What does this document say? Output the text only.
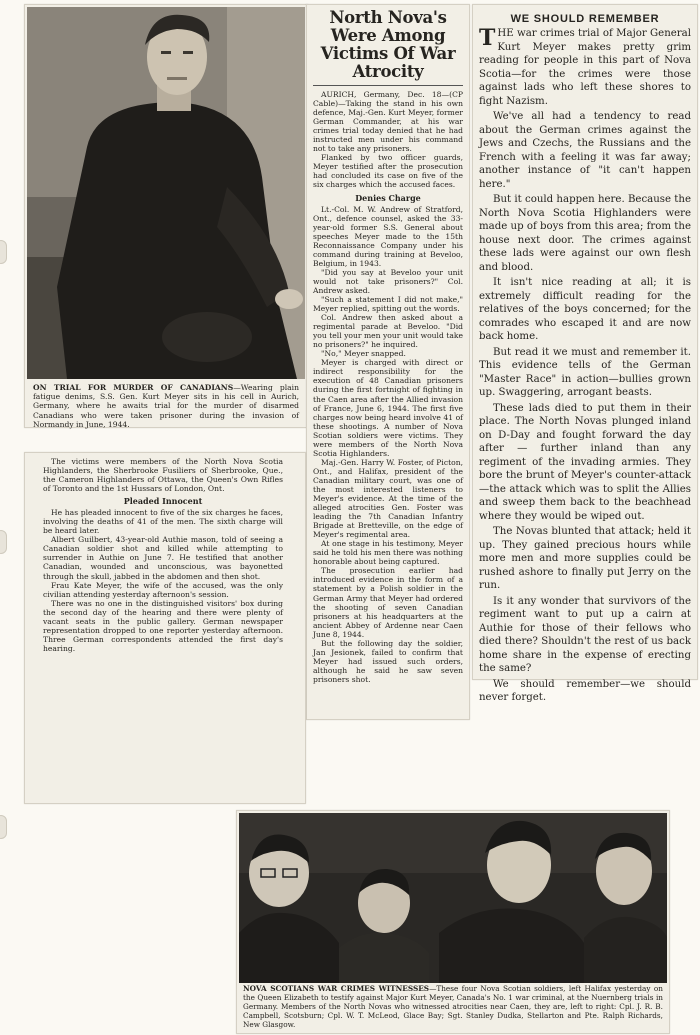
ON TRIAL FOR MURDER OF CANADIANS—Wearing plain fatigue denims, S.S. Gen. Kurt Meyer sits in his cell in Aurich, Germany, where he awaits trial for the murder of disarmed Canadians who were taken prisoner during the invasion of Normandy in June, 1944.
North Nova's Were Among Victims Of War Atrocity

AURICH, Germany, Dec. 18—(CP Cable)—Taking the stand in his own defence, Maj.-Gen. Kurt Meyer, former German Commander, at his war crimes trial today denied that he had instructed men under his command not to take any prisoners.

Flanked by two officer guards, Meyer testified after the prosecution had concluded its case on five of the six charges which the accused faces.

Denies Charge

Lt.-Col. M. W. Andrew of Stratford, Ont., defence counsel, asked the 33-year-old former S.S. General about speeches Meyer made to the 15th Reconnaissance Company under his command during training at Beveloo, Belgium, in 1943.

"Did you say at Beveloo your unit would not take prisoners?" Col. Andrew asked.

"Such a statement I did not make," Meyer replied, spitting out the words.

Col. Andrew then asked about a regimental parade at Beveloo. "Did you tell your men your unit would take no prisoners?" he inquired.

"No," Meyer snapped.

Meyer is charged with direct or indirect responsibility for the execution of 48 Canadian prisoners during the first fortnight of fighting in the Caen area after the Allied invasion of France, June 6, 1944. The first five charges now being heard involve 41 of these shootings. A number of Nova Scotian soldiers were victims. They were members of the North Nova Scotia Highlanders.

Maj.-Gen. Harry W. Foster, of Picton, Ont., and Halifax, president of the Canadian military court, was one of the most interested listeners to Meyer's evidence. At the time of the alleged atrocities Gen. Foster was leading the 7th Canadian Infantry Brigade at Bretteville, on the edge of Meyer's regimental area.

At one stage in his testimony, Meyer said he told his men there was nothing honorable about being captured.

The prosecution earlier had introduced evidence in the form of a statement by a Polish soldier in the German Army that Meyer had ordered the shooting of seven Canadian prisoners at his headquarters at the ancient Abbey of Ardenne near Caen June 8, 1944.

But the following day the soldier, Jan Jesionek, failed to confirm that Meyer had issued such orders, although he said he saw seven prisoners shot.

The victims were members of the North Nova Scotia Highlanders, the Sherbrooke Fusiliers of Sherbrooke, Que., the Cameron Highlanders of Ottawa, the Queen's Own Rifles of Toronto and the 1st Hussars of London, Ont.

Pleaded Innocent

He has pleaded innocent to five of the six charges he faces, involving the deaths of 41 of the men. The sixth charge will be heard later.

Albert Guilbert, 43-year-old Authie mason, told of seeing a Canadian soldier shot and killed while attempting to surrender in Authie on June 7. He testified that another Canadian, wounded and unconscious, was bayonetted through the skull, jabbed in the abdomen and then shot.

Frau Kate Meyer, the wife of the accused, was the only civilian attending yesterday afternoon's session.

There was no one in the distinguished visitors' box during the second day of the hearing and there were plenty of vacant seats in the public gallery. German newspaper representation dropped to one reporter yesterday afternoon. Three German correspondents attended the first day's hearing.

WE SHOULD REMEMBER

THE war crimes trial of Major General Kurt Meyer makes pretty grim reading for people in this part of Nova Scotia—for the crimes were those against lads who left these shores to fight Nazism.

We've all had a tendency to read about the German crimes against the Jews and Czechs, the Russians and the French with a feeling it was far away; another instance of "it can't happen here."

But it could happen here. Because the North Nova Scotia Highlanders were made up of boys from this area; from the house next door. The crimes against these lads were against our own flesh and blood.

It isn't nice reading at all; it is extremely difficult reading for the relatives of the boys concerned; for the comrades who escaped it and are now back home.

But read it we must and remember it. This evidence tells of the German "Master Race" in action—bullies grown up. Swaggering, arrogant beasts.

These lads died to put them in their place. The North Novas plunged inland on D-Day and fought forward the day after — further inland than any regiment of the invading armies. They bore the brunt of Meyer's counter-attack—the attack which was to split the Allies and sweep them back to the beachhead where they would be wiped out.

The Novas blunted that attack; held it up. They gained precious hours while more men and more supplies could be rushed ashore to finally put Jerry on the run.

Is it any wonder that survivors of the regiment want to put up a cairn at Authie for those of their fellows who died there? Shouldn't the rest of us back home share in the expense of erecting the same?

We should remember—we should never forget.

NOVA SCOTIANS WAR CRIMES WITNESSES—These four Nova Scotian soldiers, left Halifax yesterday on the Queen Elizabeth to testify against Major Kurt Meyer, Canada's No. 1 war criminal, at the Nuernberg trials in Germany. Members of the North Novas who witnessed atrocities near Caen, they are, left to right: Cpl. J. R. B. Campbell, Scotsburn; Cpl. W. T. McLeod, Glace Bay; Sgt. Stanley Dudka, Stellarton and Pte. Ralph Richards, New Glasgow.
